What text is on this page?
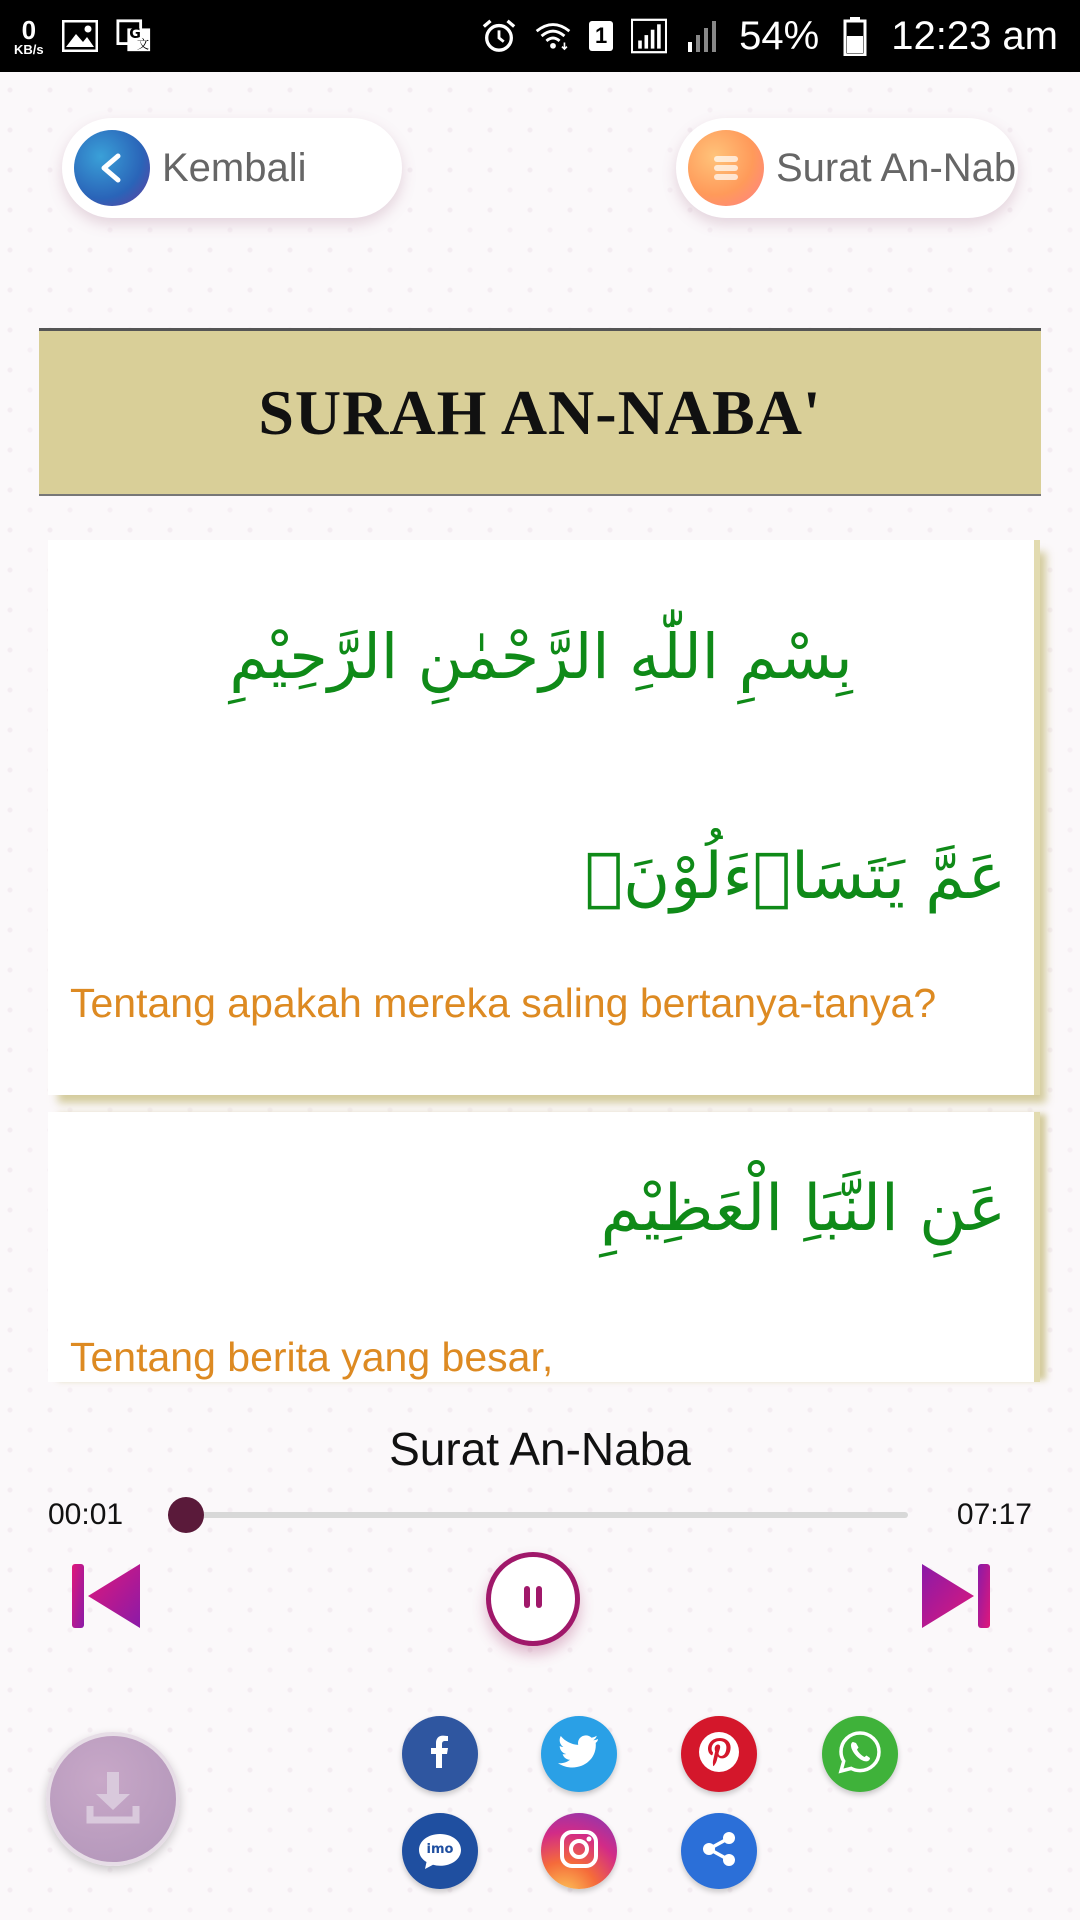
0
KB/s
G
文	1	54% 12:23 am
Kembali	Surat An-Nab
SURAH AN-NABA'
بِسْمِ اللّٰهِ الرَّحْمٰنِ الرَّحِيْمِ
عَمَّ يَتَسَاۤءَلُوْنَۚ
Tentang apakah mereka saling bertanya-tanya?
عَنِ النَّبَاِ الْعَظِيْمِ
Tentang berita yang besar,
Surat An-Naba
00:01	07:17
imo
